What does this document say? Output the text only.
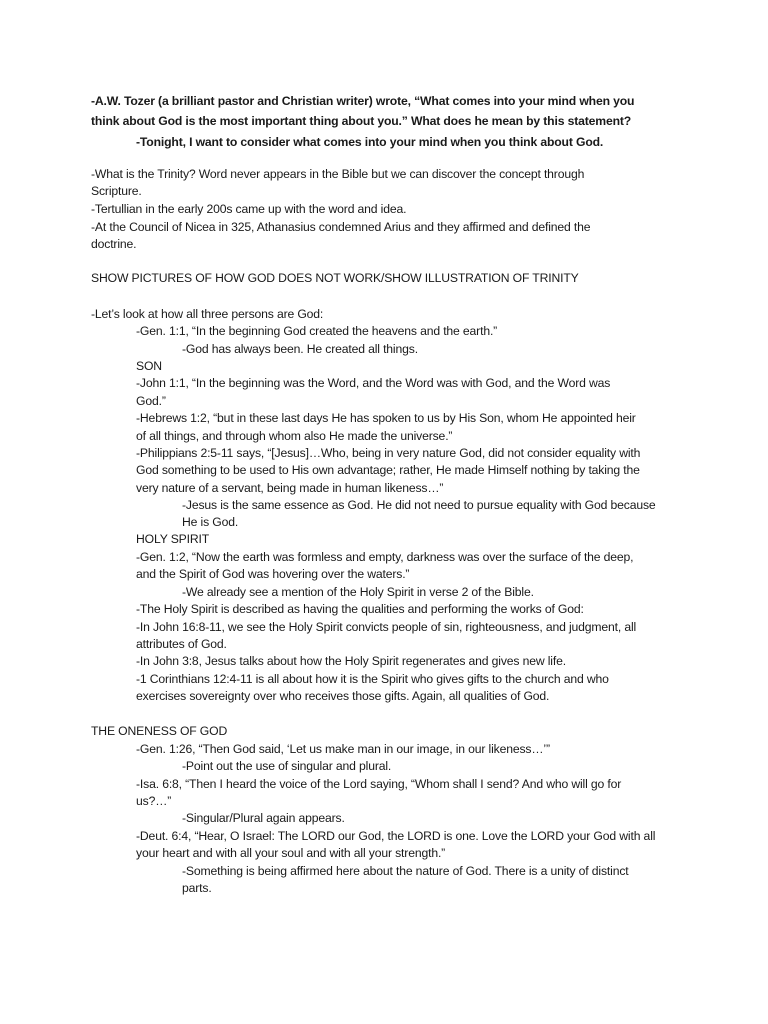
-A.W. Tozer (a brilliant pastor and Christian writer) wrote, “What comes into your mind when you
think about God is the most important thing about you.” What does he mean by this statement?
-Tonight, I want to consider what comes into your mind when you think about God.
-What is the Trinity? Word never appears in the Bible but we can discover the concept through
Scripture.
-Tertullian in the early 200s came up with the word and idea.
-At the Council of Nicea in 325, Athanasius condemned Arius and they affirmed and defined the
doctrine.
SHOW PICTURES OF HOW GOD DOES NOT WORK/SHOW ILLUSTRATION OF TRINITY
-Let’s look at how all three persons are God:
-Gen. 1:1, “In the beginning God created the heavens and the earth.”
-God has always been. He created all things.
SON
-John 1:1, “In the beginning was the Word, and the Word was with God, and the Word was
God.”
-Hebrews 1:2, “but in these last days He has spoken to us by His Son, whom He appointed heir
of all things, and through whom also He made the universe.”
-Philippians 2:5-11 says, “[Jesus]…Who, being in very nature God, did not consider equality with
God something to be used to His own advantage; rather, He made Himself nothing by taking the
very nature of a servant, being made in human likeness…”
-Jesus is the same essence as God. He did not need to pursue equality with God because
He is God.
HOLY SPIRIT
-Gen. 1:2, “Now the earth was formless and empty, darkness was over the surface of the deep,
and the Spirit of God was hovering over the waters.”
-We already see a mention of the Holy Spirit in verse 2 of the Bible.
-The Holy Spirit is described as having the qualities and performing the works of God:
-In John 16:8-11, we see the Holy Spirit convicts people of sin, righteousness, and judgment, all
attributes of God.
-In John 3:8, Jesus talks about how the Holy Spirit regenerates and gives new life.
-1 Corinthians 12:4-11 is all about how it is the Spirit who gives gifts to the church and who
exercises sovereignty over who receives those gifts. Again, all qualities of God.
THE ONENESS OF GOD
-Gen. 1:26, “Then God said, ‘Let us make man in our image, in our likeness…’”
-Point out the use of singular and plural.
-Isa. 6:8, “Then I heard the voice of the Lord saying, “Whom shall I send? And who will go for
us?…”
-Singular/Plural again appears.
-Deut. 6:4, “Hear, O Israel: The LORD our God, the LORD is one. Love the LORD your God with all
your heart and with all your soul and with all your strength.”
-Something is being affirmed here about the nature of God. There is a unity of distinct
parts.
